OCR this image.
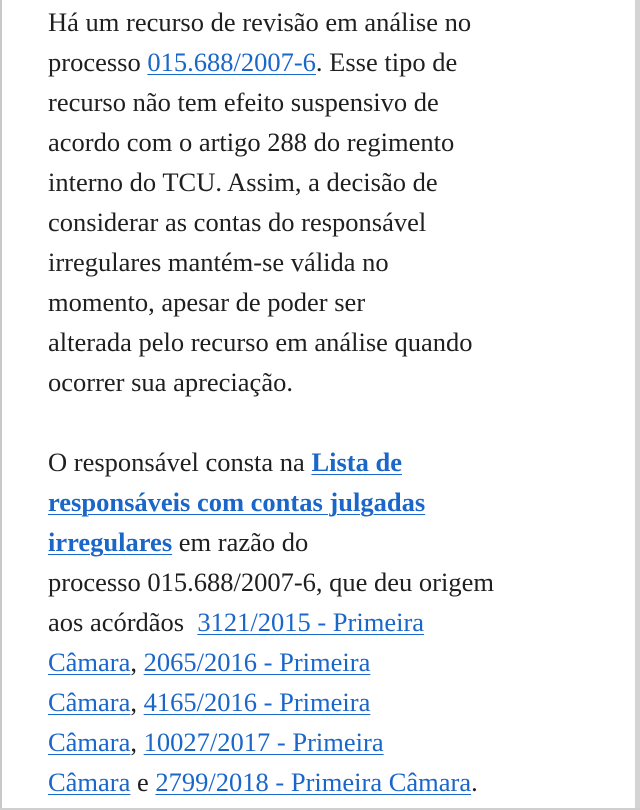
Há um recurso de revisão em análise no
processo 015.688/2007-6. Esse tipo de
recurso não tem efeito suspensivo de
acordo com o artigo 288 do regimento
interno do TCU. Assim, a decisão de
considerar as contas do responsável
irregulares mantém-se válida no
momento, apesar de poder ser
alterada pelo recurso em análise quando
ocorrer sua apreciação.

O responsável consta na Lista de
responsáveis com contas julgadas
irregulares em razão do
processo 015.688/2007-6, que deu origem
aos acórdãos  3121/2015 - Primeira
Câmara, 2065/2016 - Primeira
Câmara, 4165/2016 - Primeira
Câmara, 10027/2017 - Primeira
Câmara e 2799/2018 - Primeira Câmara.
